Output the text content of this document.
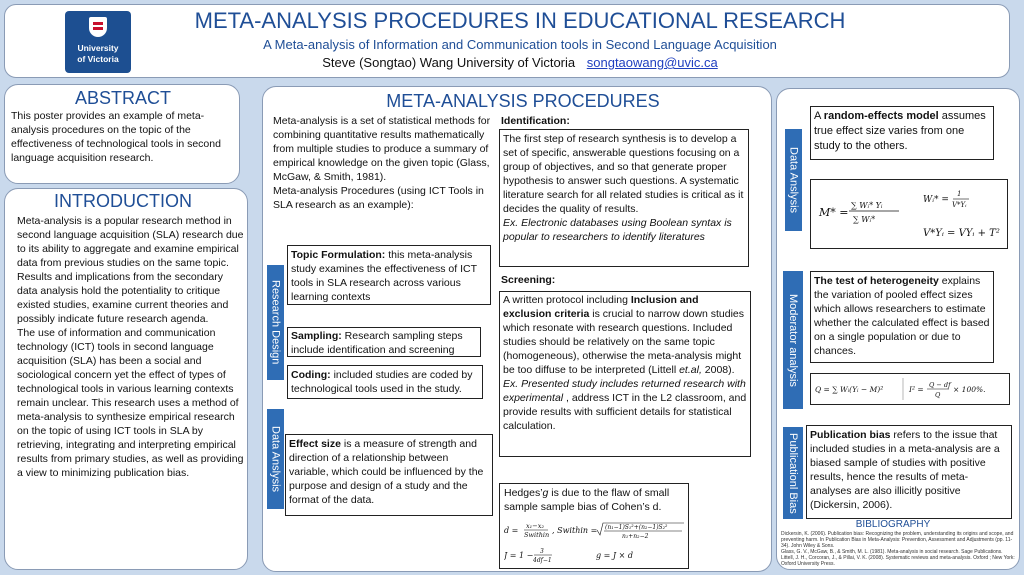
University
of Victoria
META-ANALYSIS PROCEDURES IN EDUCATIONAL RESEARCH
A Meta-analysis of Information and Communication tools in Second Language Acquisition
Steve (Songtao) Wang University of Victoria songtaowang@uvic.ca
ABSTRACT
This poster provides an example of meta-analysis procedures on the topic of the effectiveness of technological tools in second language acquisition research.
INTRODUCTION
Meta-analysis is a popular research method in second language acquisition (SLA) research due to its ability to aggregate and examine empirical data from previous studies on the same topic. Results and implications from the secondary data analysis hold the potentiality to critique existed studies, examine current theories and possibly indicate future research agenda.
The use of information and communication technology (ICT) tools in second language acquisition (SLA) has been a social and sociological concern yet the effect of types of technological tools in various learning contexts remain unclear. This research uses a method of meta-analysis to synthesize empirical research on the topic of using ICT tools in SLA by retrieving, integrating and interpreting empirical results from primary studies, as well as providing a view to minimizing publication bias.
META-ANALYSIS PROCEDURES
Meta-analysis is a set of statistical methods for combining quantitative results mathematically from multiple studies to produce a summary of empirical knowledge on the given topic (Glass, McGaw, & Smith, 1981).
Meta-analysis Procedures (using ICT Tools in SLA research as an example):
Research Design
Data Anslysis
Topic Formulation: this meta-analysis study examines the effectiveness of ICT tools in SLA research across various learning contexts
Sampling: Research sampling steps include identification and screening
Coding: included studies are coded by technological tools used in the study.
Effect size is a measure of strength and direction of a relationship between variable, which could be influenced by the purpose and design of a study and the format of the data.
Identification:
The first step of research synthesis is to develop a set of specific, answerable questions focusing on a group of objectives, and so that generate proper hypothesis to answer such questions. A systematic literature search for all related studies is critical as it decides the quality of results.
Ex. Electronic databases using Boolean syntax is popular to researchers to identify literatures
Screening:
A written protocol including Inclusion and exclusion criteria is crucial to narrow down studies which resonate with research questions. Included studies should be relatively on the same topic (homogeneous), otherwise the meta-analysis might be too diffuse to be interpreted (Littell et.al, 2008).
Ex. Presented study includes returned research with experimental , address ICT in the L2 classroom, and provide results with sufficient details for statistical calculation.
Hedges’g is due to the flaw of small sample sample bias of Cohen’s d.
d = x₁−x₂
Swithin , Swithin = (n₁−1)S₁²+(n₂−1)S₂²
n₁+n₂−2
J = 1 − 3
4df−1
g = J × d
Data Anslysis
Moderator analysis
Publicationl Bias
A random-effects model assumes true effect size varies from one study to the others.
M* =
∑ Wᵢ* Yᵢ
∑ Wᵢ*
Wᵢ* =
1
V*Yᵢ
V*Yᵢ = VYᵢ + T²
The test of heterogeneity explains the variation of pooled effect sizes which allows researchers to estimate whether the calculated effect is based on a single population or due to chances.
Q = ∑ Wᵢ(Yᵢ − M)²	I² = Q − df
Q
× 100%.
Publication bias refers to the issue that included studies in a meta-analysis are a biased sample of studies with positive results, hence the results of meta-analyses are also illicitly positive (Dickersin, 2006).
BIBLIOGRAPHY
Dickersin, K. (2006). Publication bias: Recognizing the problem, understanding its origins and scope, and preventing harm. In Publication Bias in Meta-Analysis: Prevention, Assessment and Adjustments (pp. 11-34). John Wiley & Sons.
Glass, G. V., McGaw, B., & Smith, M. L. (1981). Meta-analysis in social research. Sage Publications.
Littell, J. H., Corcoran, J., & Pillai, V. K. (2008). Systematic reviews and meta-analysis. Oxford ; New York: Oxford University Press.
